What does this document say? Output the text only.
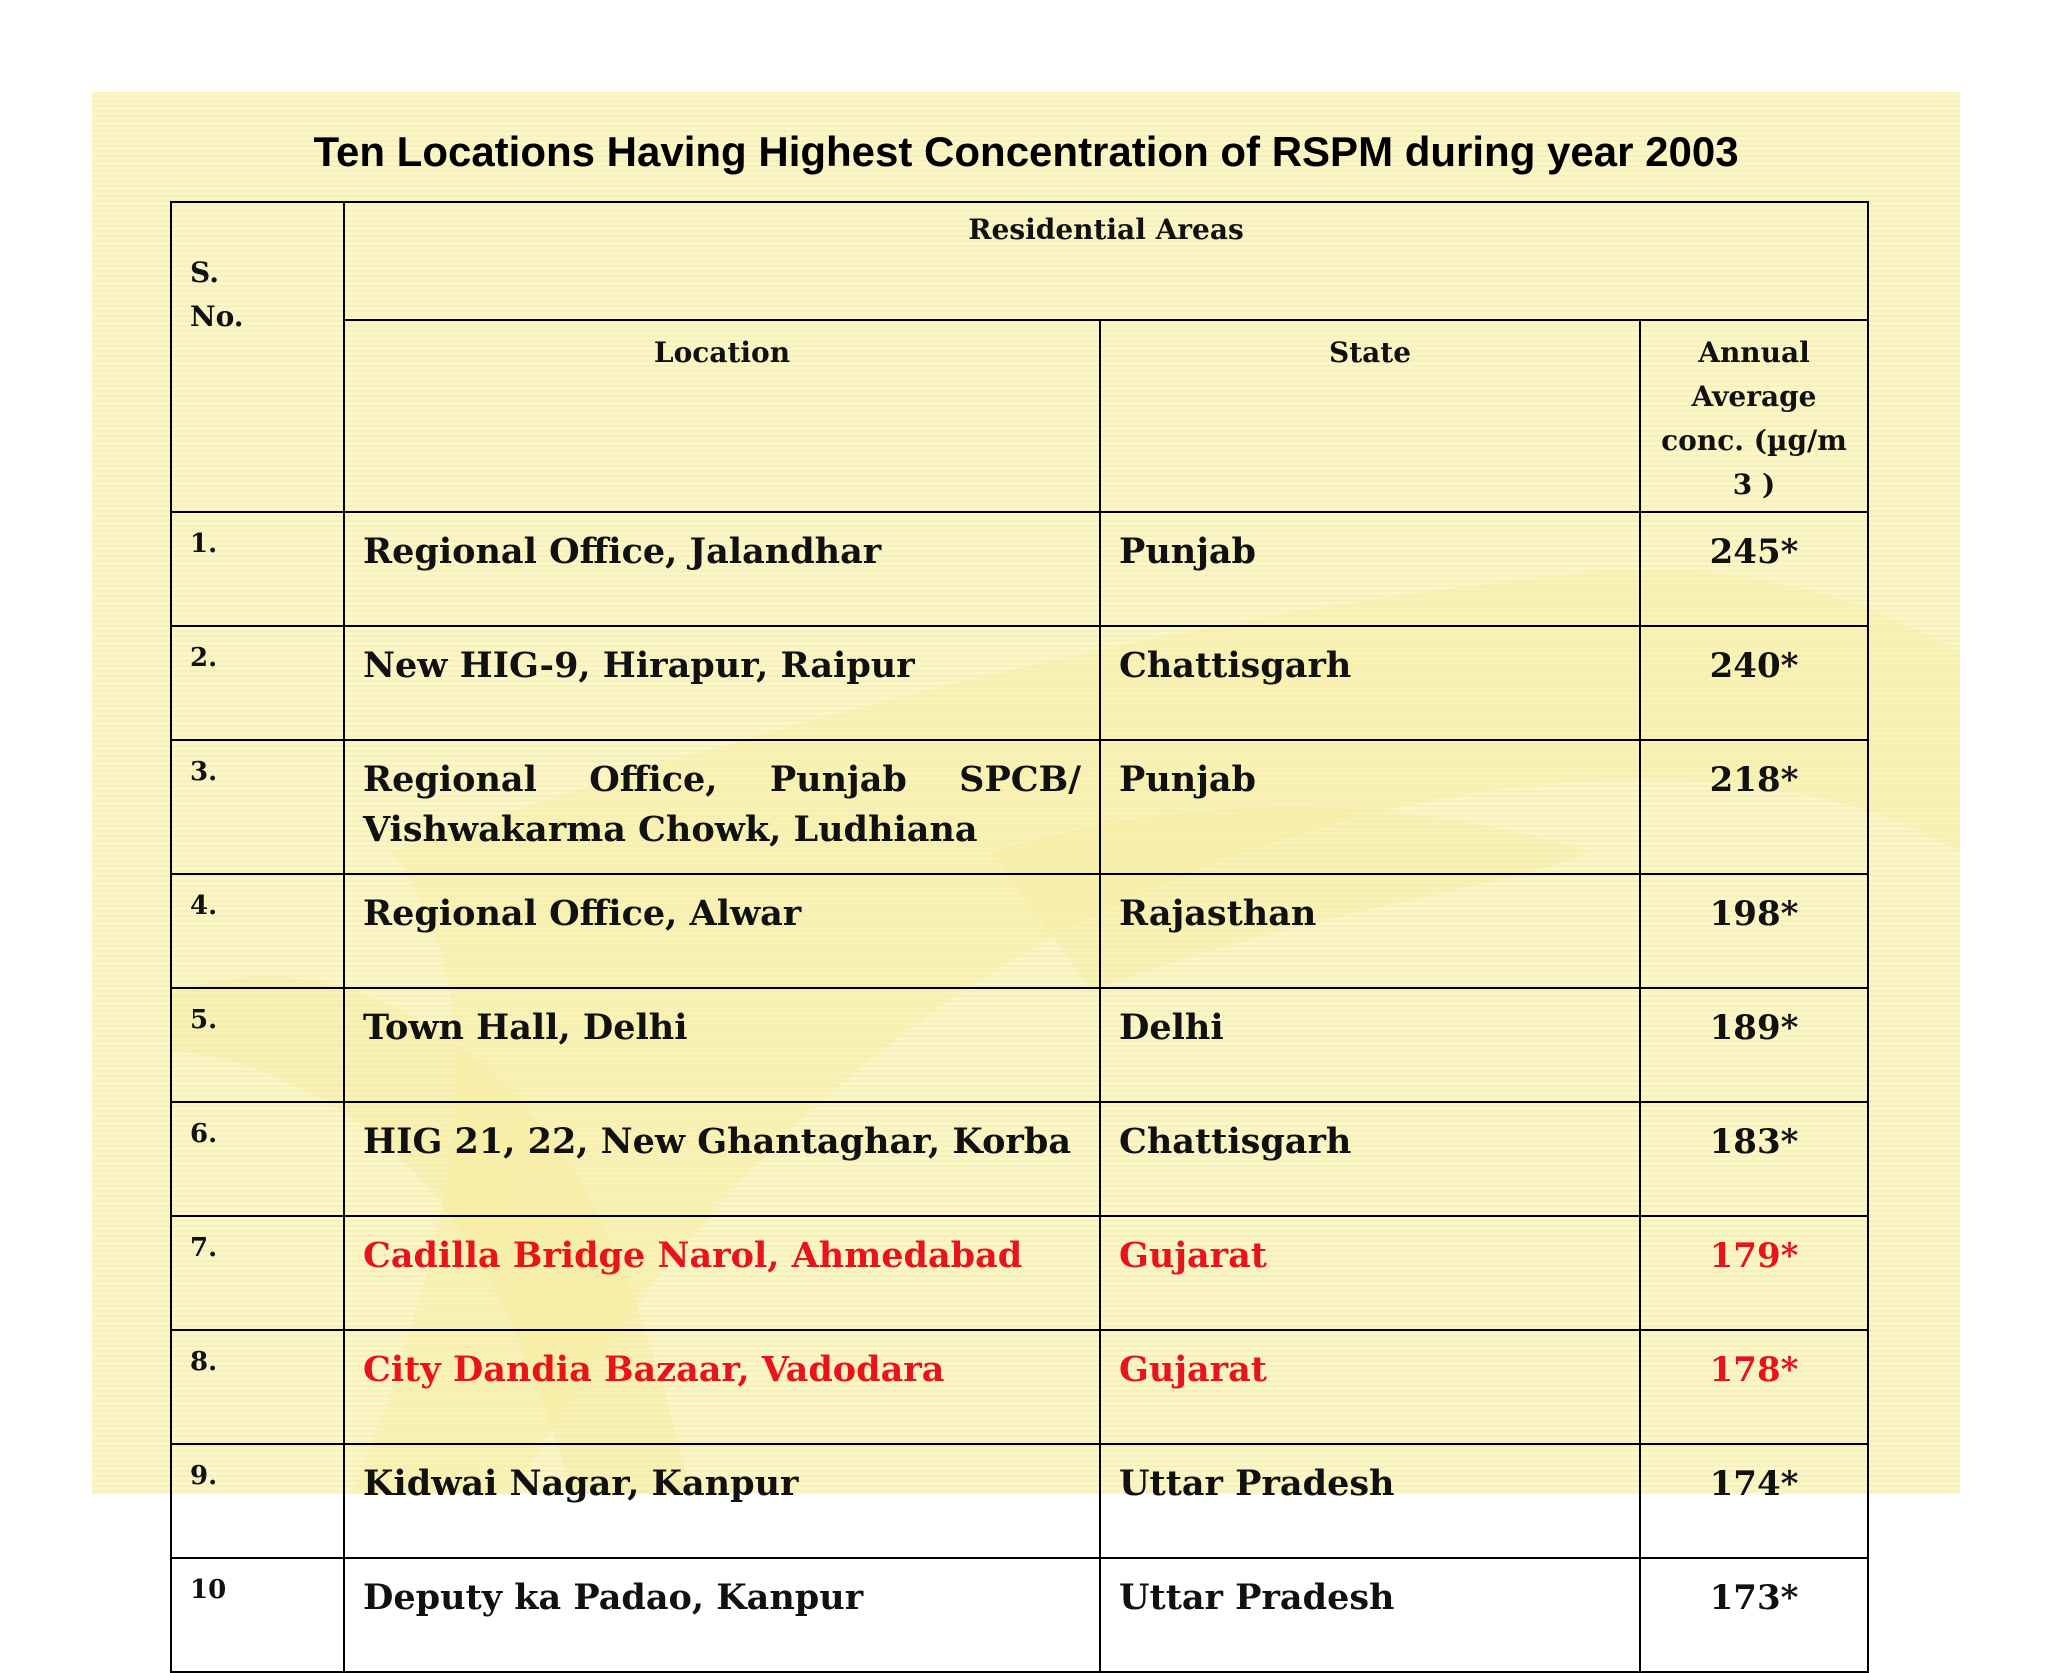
Ten Locations Having Highest Concentration of RSPM during year 2003
S. No.	Residential Areas		
	Location	State	Annual Average conc. (µg/m 3 )
1.	Regional Office, Jalandhar	Punjab	245*
2.	New HIG-9, Hirapur, Raipur	Chattisgarh	240*
3.	Regional Office, Punjab SPCB/ Vishwakarma Chowk, Ludhiana	Punjab	218*
4.	Regional Office, Alwar	Rajasthan	198*
5.	Town Hall, Delhi	Delhi	189*
6.	HIG 21, 22, New Ghantaghar, Korba	Chattisgarh	183*
7.	Cadilla Bridge Narol, Ahmedabad	Gujarat	179*
8.	City Dandia Bazaar, Vadodara	Gujarat	178*
9.	Kidwai Nagar, Kanpur	Uttar Pradesh	174*
10	Deputy ka Padao, Kanpur	Uttar Pradesh	173*
